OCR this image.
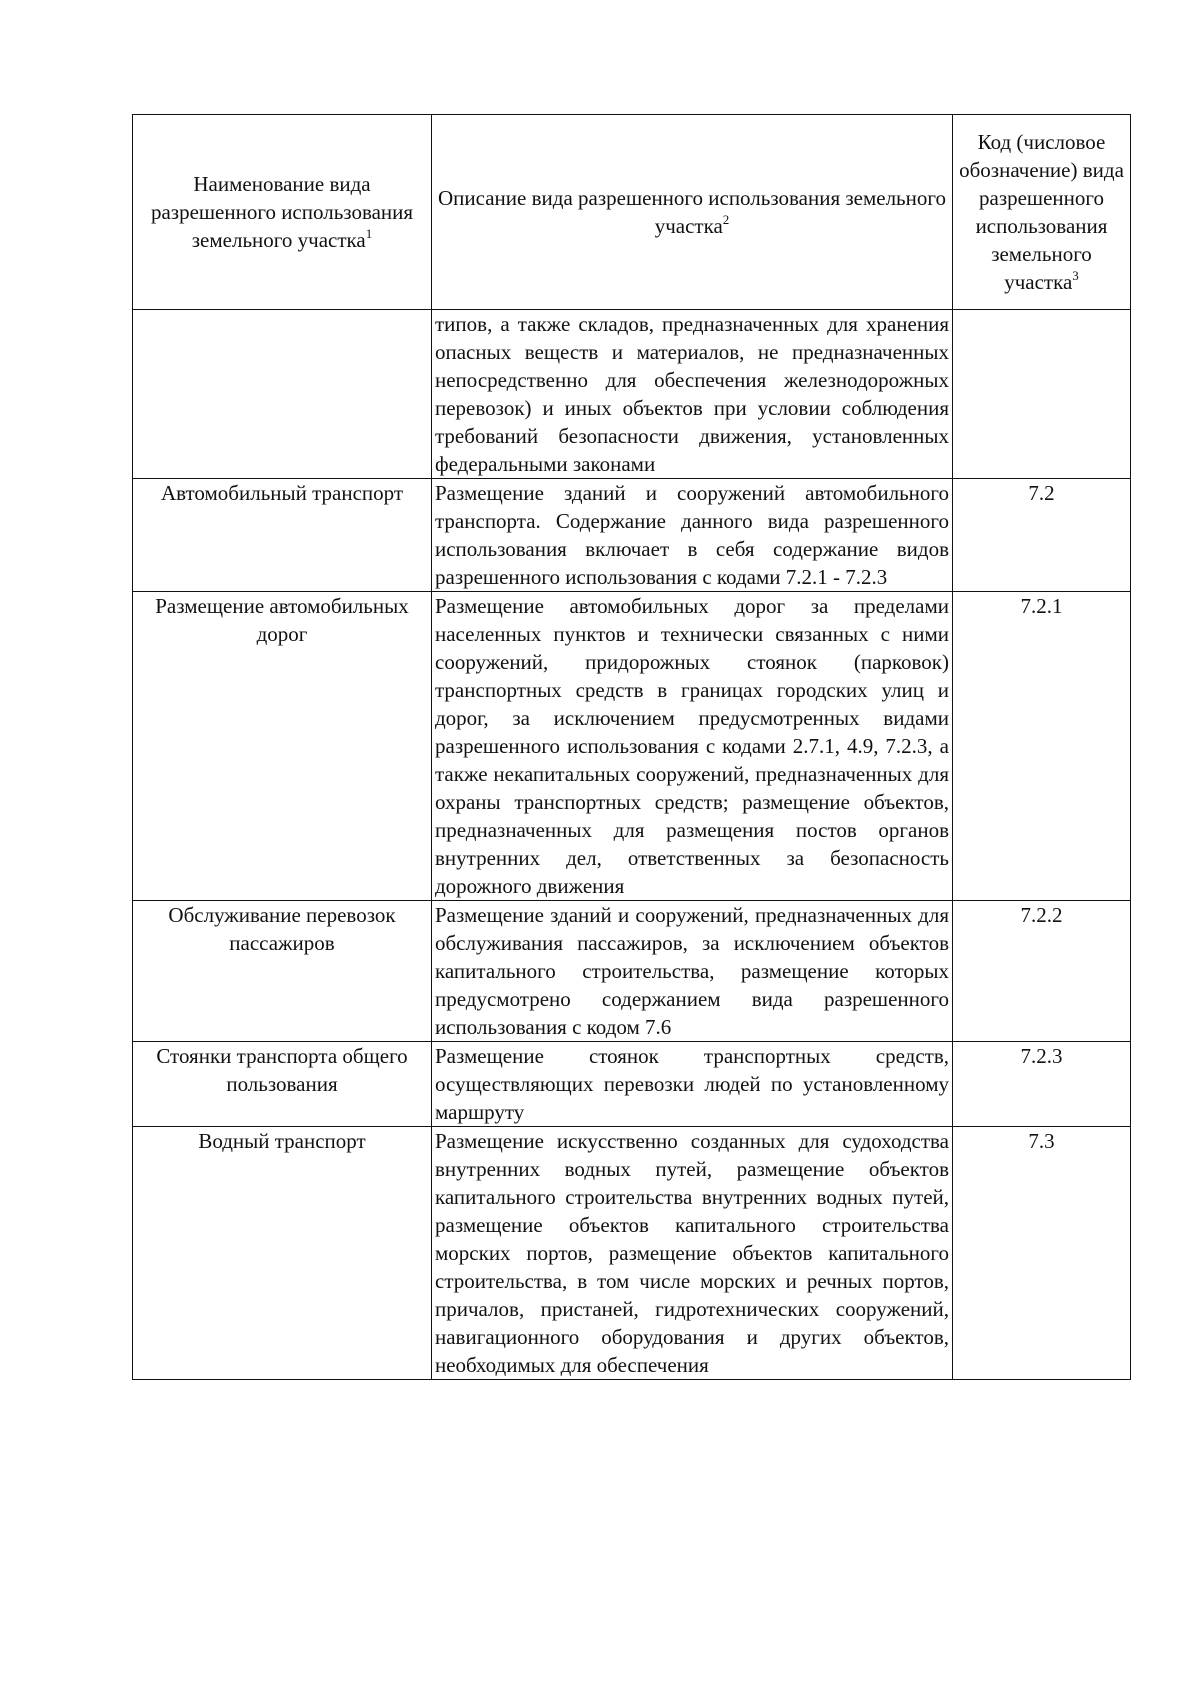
Наименование вида разрешенного использования земельного участка$^1$	Описание вида разрешенного использования земельного участка$^2$	Код (числовое обозначение) вида разрешенного использования земельного участка$^3$
	типов, а также складов, предназначенных для хранения опасных веществ и материалов, не предназначенных непосредственно для обеспечения железнодорожных перевозок) и иных объектов при условии соблюдения требований безопасности движения, установленных федеральными законами	
Автомобильный транспорт	Размещение зданий и сооружений автомобильного транспорта. Содержание данного вида разрешенного использования включает в себя содержание видов разрешенного использования с кодами 7.2.1 - 7.2.3	7.2
Размещение автомобильных дорог	Размещение автомобильных дорог за пределами населенных пунктов и технически связанных с ними сооружений, придорожных стоянок (парковок) транспортных средств в границах городских улиц и дорог, за исключением предусмотренных видами разрешенного использования с кодами 2.7.1, 4.9, 7.2.3, а также некапитальных сооружений, предназначенных для охраны транспортных средств; размещение объектов, предназначенных для размещения постов органов внутренних дел, ответственных за безопасность дорожного движения	7.2.1
Обслуживание перевозок пассажиров	Размещение зданий и сооружений, предназначенных для обслуживания пассажиров, за исключением объектов капитального строительства, размещение которых предусмотрено содержанием вида разрешенного использования с кодом 7.6	7.2.2
Стоянки транспорта общего пользования	Размещение стоянок транспортных средств, осуществляющих перевозки людей по установленному маршруту	7.2.3
Водный транспорт	Размещение искусственно созданных для судоходства внутренних водных путей, размещение объектов капитального строительства внутренних водных путей, размещение объектов капитального строительства морских портов, размещение объектов капитального строительства, в том числе морских и речных портов, причалов, пристаней, гидротехнических сооружений, навигационного оборудования и других объектов, необходимых для обеспечения	7.3
